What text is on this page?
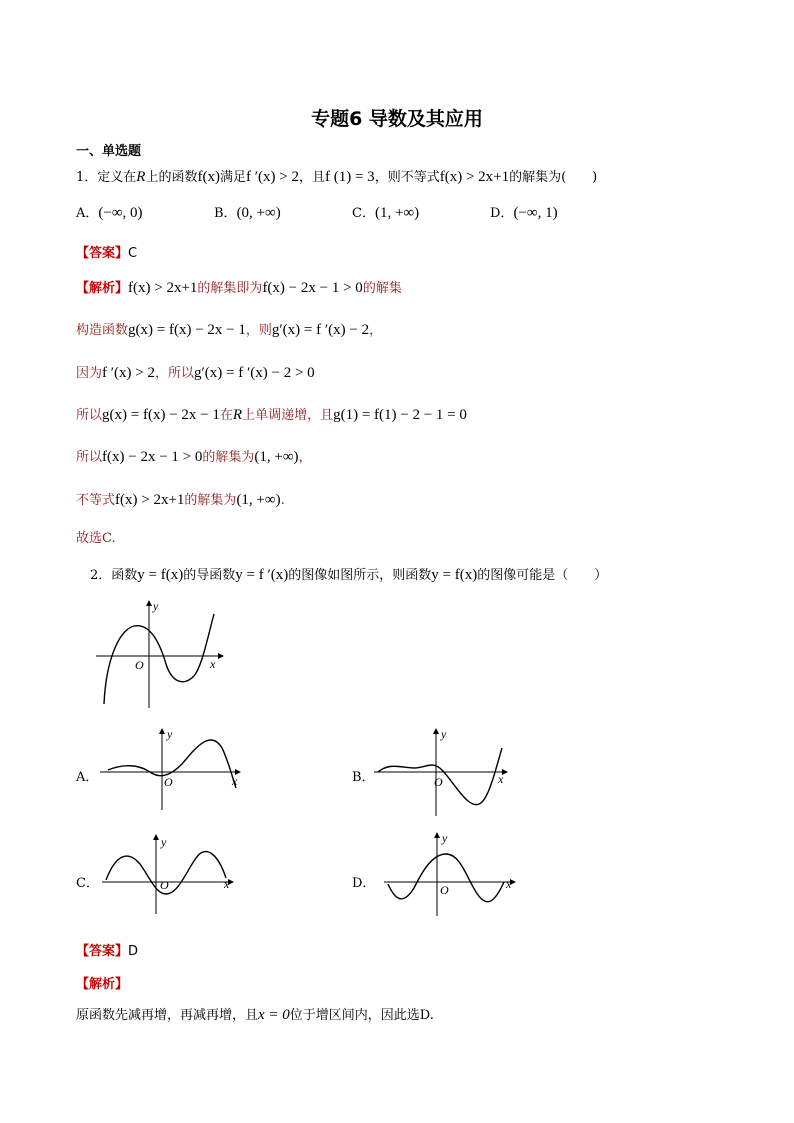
专题6 导数及其应用
一、单选题
1．定义在R上的函数f(x)满足f ′(x) > 2，且f (1) = 3，则不等式f(x) > 2x+1的解集为(　　)
A．(−∞, 0)	B．(0, +∞)	C．(1, +∞)	D．(−∞, 1)
【答案】C
【解析】f(x) > 2x+1的解集即为f(x) − 2x − 1 > 0的解集
构造函数g(x) = f(x) − 2x − 1，则g′(x) = f ′(x) − 2，
因为f ′(x) > 2，所以g′(x) = f ′(x) − 2 > 0
所以g(x) = f(x) − 2x − 1在R上单调递增，且g(1) = f(1) − 2 − 1 = 0
所以f(x) − 2x − 1 > 0的解集为(1, +∞)，
不等式f(x) > 2x+1的解集为(1, +∞).
故选C.
2．函数y = f(x)的导函数y = f ′(x)的图像如图所示，则函数y = f(x)的图像可能是（　　）
y
x
O
A．
y
x
O	B．
y
x
O
C．
y
x
O	D．
y
x
O
【答案】D
【解析】
原函数先减再增，再减再增，且x = 0位于增区间内，因此选D.
